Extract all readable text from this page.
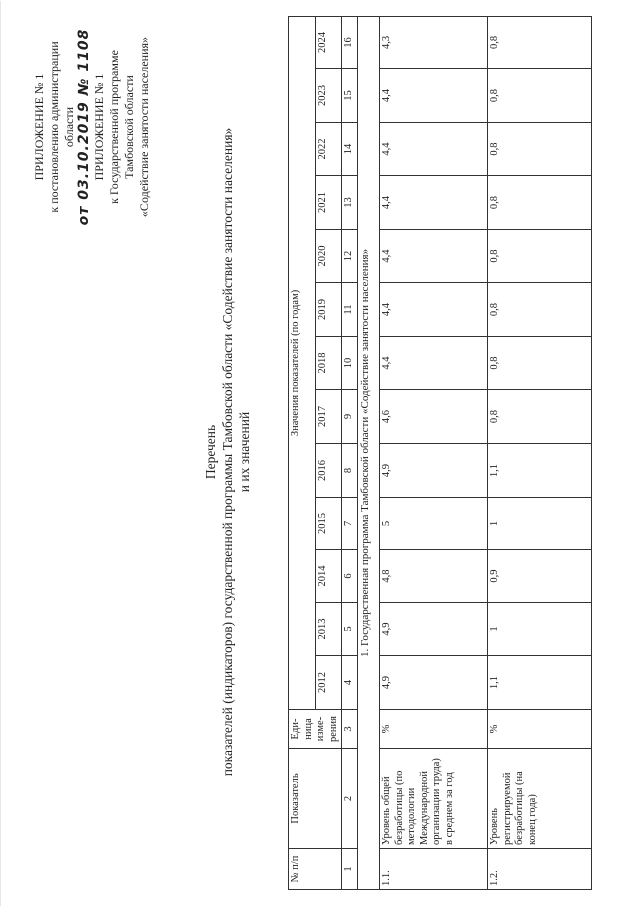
ПРИЛОЖЕНИЕ № 1 к постановлению администрации области от 03.10.2019 № 1108 ПРИЛОЖЕНИЕ № 1 к Государственной программе Тамбовской области «Содействие занятости населения»
Перечень показателей (индикаторов) государственной программы Тамбовской области «Содействие занятости населения» и их значений
№ п/п	Показатель	Еди-ница изме-рения	Значения показателей (по годам)												
			2012	2013	2014	2015	2016	2017	2018	2019	2020	2021	2022	2023	2024
1	2	3	4	5	6	7	8	9	10	11	12	13	14	15	16
1. Государственная программа Тамбовской области «Содействие занятости населения»															
1.1.	Уровень общей безработицы (по методологии Международной организации труда) в среднем за год	%	4,9	4,9	4,8	5	4,9	4,6	4,4	4,4	4,4	4,4	4,4	4,4	4,3
1.2.	Уровень регистрируемой безработицы (на конец года)	%	1,1	1	0,9	1	1,1	0,8	0,8	0,8	0,8	0,8	0,8	0,8	0,8
